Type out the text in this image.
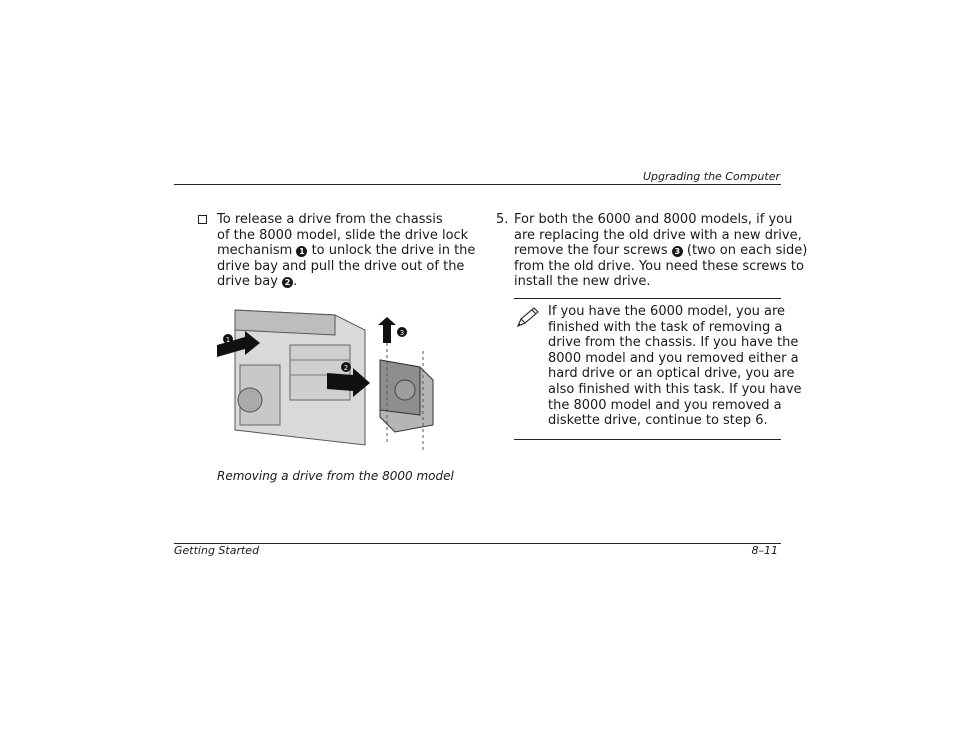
Upgrading the Computer
To release a drive from the chassis
of the 8000 model, slide the drive lock
mechanism 1 to unlock the drive in the
drive bay and pull the drive out of the
drive bay 2 .
1
2
3
Removing a drive from the 8000 model
5. For both the 6000 and 8000 models, if you
are replacing the old drive with a new drive,
remove the four screws 3 (two on each side)
from the old drive. You need these screws to
install the new drive.
If you have the 6000 model, you are
finished with the task of removing a
drive from the chassis. If you have the
8000 model and you removed either a
hard drive or an optical drive, you are
also finished with this task. If you have
the 8000 model and you removed a
diskette drive, continue to step 6.
Getting Started	8–11
